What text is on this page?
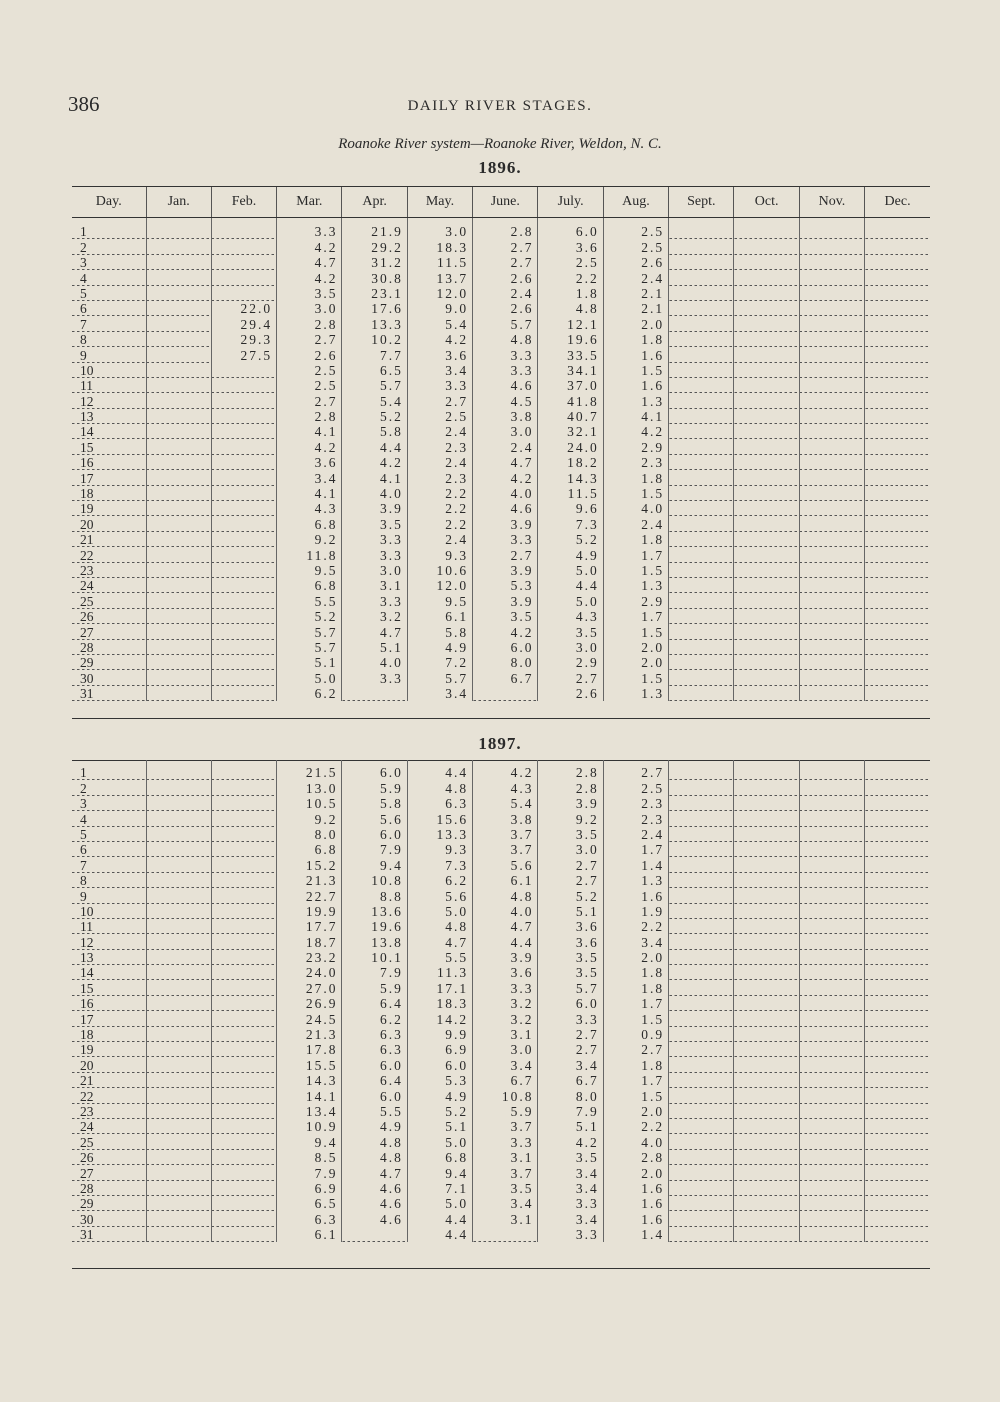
386	DAILY RIVER STAGES.
Roanoke River system—Roanoke River, Weldon, N. C.
1896.
Day.	Jan.	Feb.	Mar.	Apr.	May.	June.	July.	Aug.	Sept.	Oct.	Nov.	Dec.
1			3.3	21.9	3.0	2.8	6.0	2.5				
2			4.2	29.2	18.3	2.7	3.6	2.5				
3			4.7	31.2	11.5	2.7	2.5	2.6				
4			4.2	30.8	13.7	2.6	2.2	2.4				
5			3.5	23.1	12.0	2.4	1.8	2.1				
6		22.0	3.0	17.6	9.0	2.6	4.8	2.1				
7		29.4	2.8	13.3	5.4	5.7	12.1	2.0				
8		29.3	2.7	10.2	4.2	4.8	19.6	1.8				
9		27.5	2.6	7.7	3.6	3.3	33.5	1.6				
10			2.5	6.5	3.4	3.3	34.1	1.5				
11			2.5	5.7	3.3	4.6	37.0	1.6				
12			2.7	5.4	2.7	4.5	41.8	1.3				
13			2.8	5.2	2.5	3.8	40.7	4.1				
14			4.1	5.8	2.4	3.0	32.1	4.2				
15			4.2	4.4	2.3	2.4	24.0	2.9				
16			3.6	4.2	2.4	4.7	18.2	2.3				
17			3.4	4.1	2.3	4.2	14.3	1.8				
18			4.1	4.0	2.2	4.0	11.5	1.5				
19			4.3	3.9	2.2	4.6	9.6	4.0				
20			6.8	3.5	2.2	3.9	7.3	2.4				
21			9.2	3.3	2.4	3.3	5.2	1.8				
22			11.8	3.3	9.3	2.7	4.9	1.7				
23			9.5	3.0	10.6	3.9	5.0	1.5				
24			6.8	3.1	12.0	5.3	4.4	1.3				
25			5.5	3.3	9.5	3.9	5.0	2.9				
26			5.2	3.2	6.1	3.5	4.3	1.7				
27			5.7	4.7	5.8	4.2	3.5	1.5				
28			5.7	5.1	4.9	6.0	3.0	2.0				
29			5.1	4.0	7.2	8.0	2.9	2.0				
30			5.0	3.3	5.7	6.7	2.7	1.5				
31			6.2		3.4		2.6	1.3				
1897.
1			21.5	6.0	4.4	4.2	2.8	2.7				
2			13.0	5.9	4.8	4.3	2.8	2.5				
3			10.5	5.8	6.3	5.4	3.9	2.3				
4			9.2	5.6	15.6	3.8	9.2	2.3				
5			8.0	6.0	13.3	3.7	3.5	2.4				
6			6.8	7.9	9.3	3.7	3.0	1.7				
7			15.2	9.4	7.3	5.6	2.7	1.4				
8			21.3	10.8	6.2	6.1	2.7	1.3				
9			22.7	8.8	5.6	4.8	5.2	1.6				
10			19.9	13.6	5.0	4.0	5.1	1.9				
11			17.7	19.6	4.8	4.7	3.6	2.2				
12			18.7	13.8	4.7	4.4	3.6	3.4				
13			23.2	10.1	5.5	3.9	3.5	2.0				
14			24.0	7.9	11.3	3.6	3.5	1.8				
15			27.0	5.9	17.1	3.3	5.7	1.8				
16			26.9	6.4	18.3	3.2	6.0	1.7				
17			24.5	6.2	14.2	3.2	3.3	1.5				
18			21.3	6.3	9.9	3.1	2.7	0.9				
19			17.8	6.3	6.9	3.0	2.7	2.7				
20			15.5	6.0	6.0	3.4	3.4	1.8				
21			14.3	6.4	5.3	6.7	6.7	1.7				
22			14.1	6.0	4.9	10.8	8.0	1.5				
23			13.4	5.5	5.2	5.9	7.9	2.0				
24			10.9	4.9	5.1	3.7	5.1	2.2				
25			9.4	4.8	5.0	3.3	4.2	4.0				
26			8.5	4.8	6.8	3.1	3.5	2.8				
27			7.9	4.7	9.4	3.7	3.4	2.0				
28			6.9	4.6	7.1	3.5	3.4	1.6				
29			6.5	4.6	5.0	3.4	3.3	1.6				
30			6.3	4.6	4.4	3.1	3.4	1.6				
31			6.1		4.4		3.3	1.4				
